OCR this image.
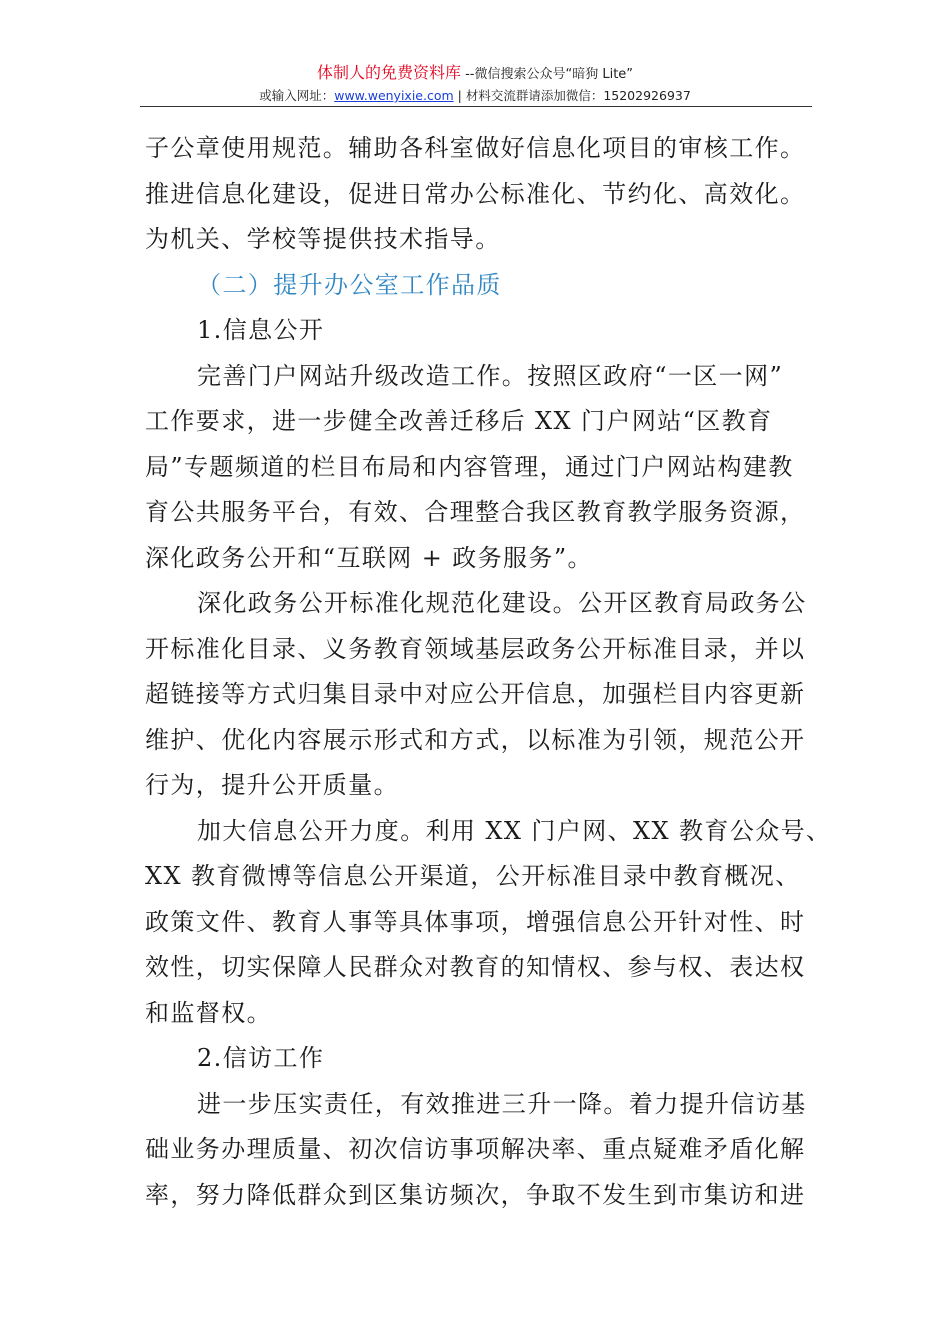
体制人的免费资料库 --微信搜索公众号“暗狗 Lite”
或输入网址：www.wenyixie.com | 材料交流群请添加微信：15202926937
子公章使用规范。辅助各科室做好信息化项目的审核工作。
推进信息化建设，促进日常办公标准化、节约化、高效化。
为机关、学校等提供技术指导。
（二）提升办公室工作品质
1.信息公开
完善门户网站升级改造工作。按照区政府“一区一网”
工作要求，进一步健全改善迁移后 XX 门户网站“区教育
局”专题频道的栏目布局和内容管理，通过门户网站构建教
育公共服务平台，有效、合理整合我区教育教学服务资源，
深化政务公开和“互联网 + 政务服务”。
深化政务公开标准化规范化建设。公开区教育局政务公
开标准化目录、义务教育领域基层政务公开标准目录，并以
超链接等方式归集目录中对应公开信息，加强栏目内容更新
维护、优化内容展示形式和方式，以标准为引领，规范公开
行为，提升公开质量。
加大信息公开力度。利用 XX 门户网、XX 教育公众号、
XX 教育微博等信息公开渠道，公开标准目录中教育概况、
政策文件、教育人事等具体事项，增强信息公开针对性、时
效性，切实保障人民群众对教育的知情权、参与权、表达权
和监督权。
2.信访工作
进一步压实责任，有效推进三升一降。着力提升信访基
础业务办理质量、初次信访事项解决率、重点疑难矛盾化解
率，努力降低群众到区集访频次，争取不发生到市集访和进
